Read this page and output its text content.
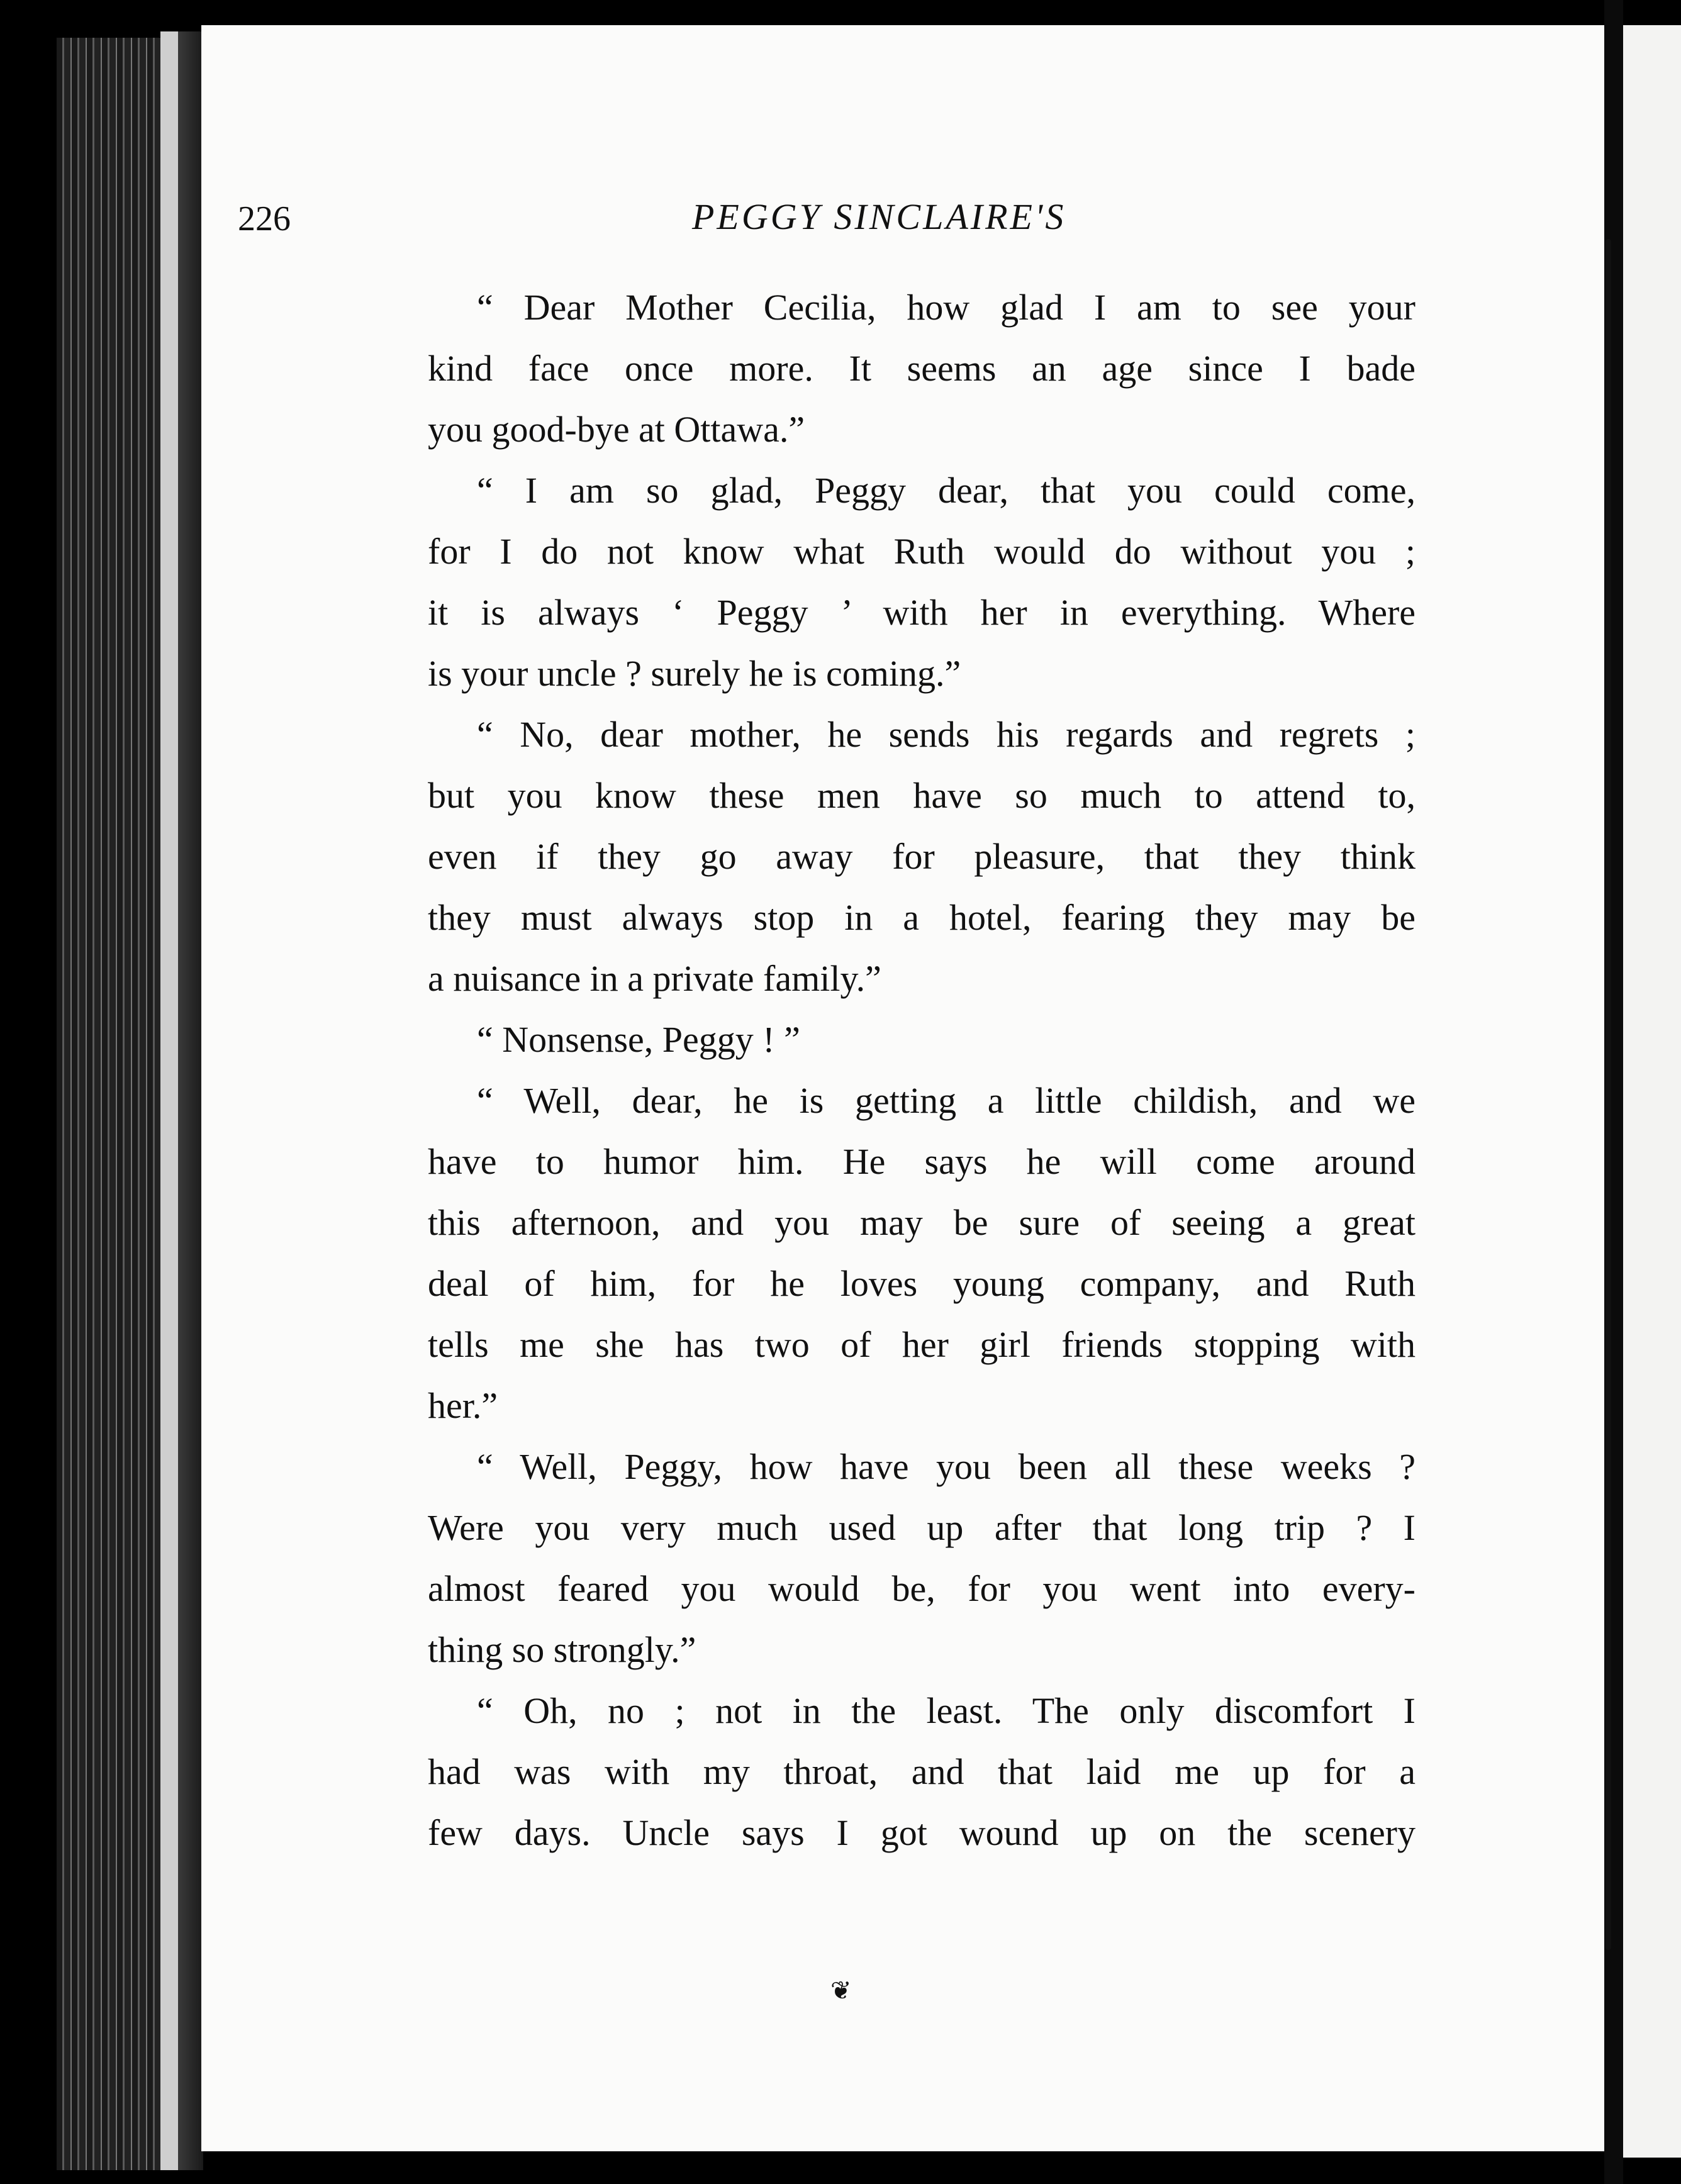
226	PEGGY SINCLAIRE'S

“ Dear Mother Cecilia, how glad I am to see your
kind face once more. It seems an age since I bade
you good-bye at Ottawa.”
“ I am so glad, Peggy dear, that you could come,
for I do not know what Ruth would do without you ;
it is always ‘ Peggy ’ with her in everything. Where
is your uncle ? surely he is coming.”
“ No, dear mother, he sends his regards and regrets ;
but you know these men have so much to attend to,
even if they go away for pleasure, that they think
they must always stop in a hotel, fearing they may be
a nuisance in a private family.”
“ Nonsense, Peggy ! ”
“ Well, dear, he is getting a little childish, and we
have to humor him. He says he will come around
this afternoon, and you may be sure of seeing a great
deal of him, for he loves young company, and Ruth
tells me she has two of her girl friends stopping with
her.”
“ Well, Peggy, how have you been all these weeks ?
Were you very much used up after that long trip ? I
almost feared you would be, for you went into every-
thing so strongly.”
“ Oh, no ; not in the least. The only discomfort I
had was with my throat, and that laid me up for a
few days. Uncle says I got wound up on the scenery
❦
